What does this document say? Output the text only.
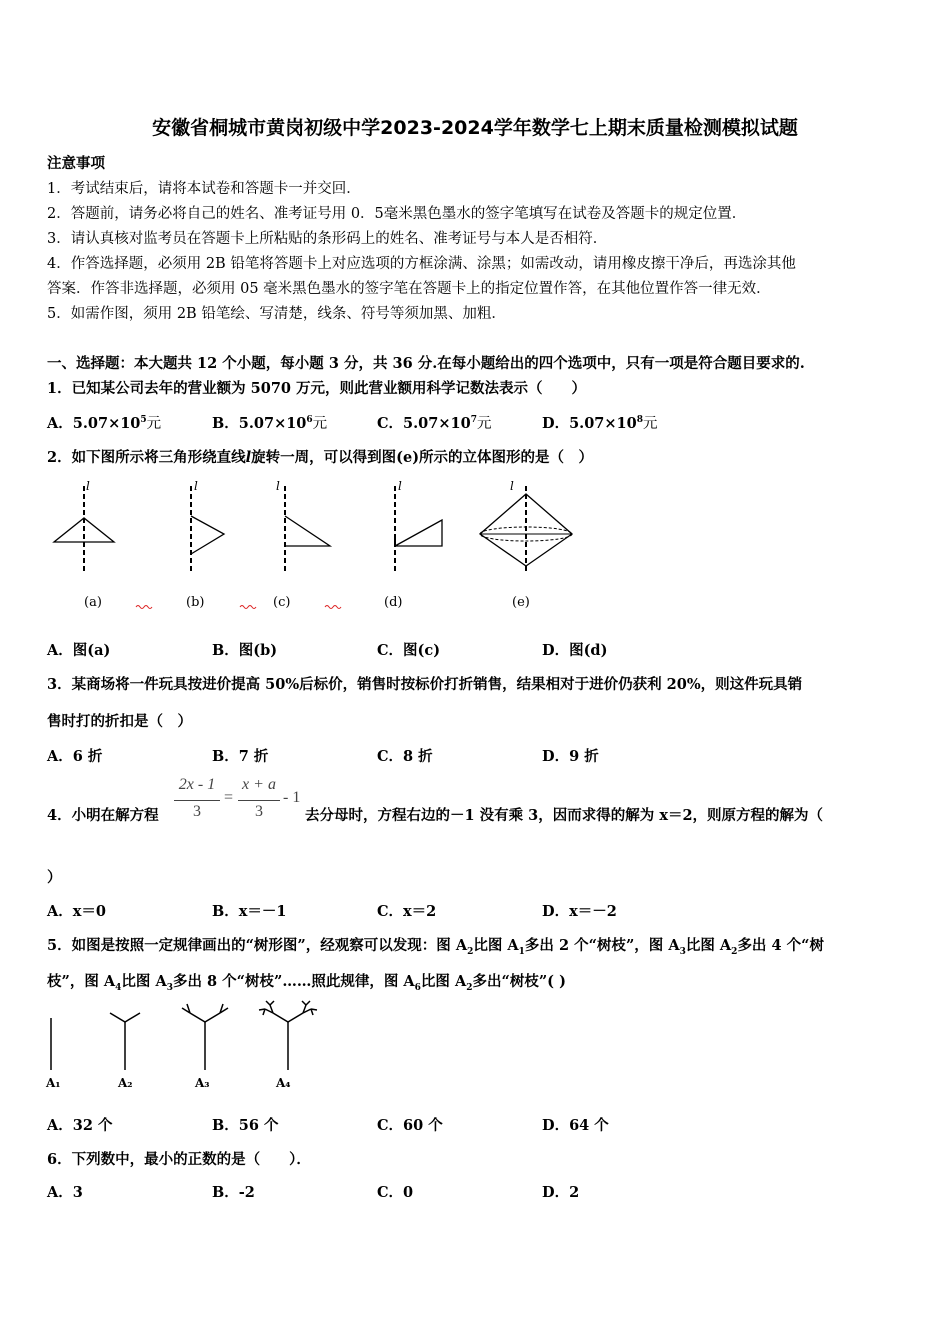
安徽省桐城市黄岗初级中学2023-2024学年数学七上期末质量检测模拟试题
注意事项
1．考试结束后，请将本试卷和答题卡一并交回．
2．答题前，请务必将自己的姓名、准考证号用 0．5毫米黑色墨水的签字笔填写在试卷及答题卡的规定位置．
3．请认真核对监考员在答题卡上所粘贴的条形码上的姓名、准考证号与本人是否相符．
4．作答选择题，必须用 2B 铅笔将答题卡上对应选项的方框涂满、涂黑；如需改动，请用橡皮擦干净后，再选涂其他
答案．作答非选择题，必须用 05 毫米黑色墨水的签字笔在答题卡上的指定位置作答，在其他位置作答一律无效．
5．如需作图，须用 2B 铅笔绘、写清楚，线条、符号等须加黑、加粗．
一、选择题：本大题共 12 个小题，每小题 3 分，共 36 分.在每小题给出的四个选项中，只有一项是符合题目要求的.
1．已知某公司去年的营业额为 5070 万元，则此营业额用科学记数法表示（　　）
A．$5.07\times 10^5$元	B．$5.07\times 10^6$元	C．$5.07\times 10^7$元	D．$5.07\times 10^8$元
2．如下图所示将三角形绕直线l旋转一周，可以得到图(e)所示的立体图形的是（　）
l	l	l	l	l
(a)	(b)	(c)	(d)	(e)
A．图(a)	B．图(b)	C．图(c)	D．图(d)
3．某商场将一件玩具按进价提高 50%后标价，销售时按标价打折销售，结果相对于进价仍获利 20%，则这件玩具销
售时打的折扣是（　）
A．6 折	B．7 折	C．8 折	D．9 折
4．小明在解方程
2x - 1
3
=
x + a
3
- 1
去分母时，方程右边的－1 没有乘 3，因而求得的解为 x＝2，则原方程的解为（
）
A．x＝0	B．x＝－1	C．x＝2	D．x＝－2
5．如图是按照一定规律画出的“树形图”，经观察可以发现：图 $A_2$比图 $A_1$多出 2 个“树枝”，图 $A_3$比图 $A_2$多出 4 个“树
枝”，图 $A_4$比图 $A_3$多出 8 个“树枝”……照此规律，图 $A_6$比图 $A_2$多出“树枝”( )
A₁	A₂	A₃	A₄
A．32 个	B．56 个	C．60 个	D．64 个
6．下列数中，最小的正数的是（　　）．
A．3	B．-2	C．0	D．2
